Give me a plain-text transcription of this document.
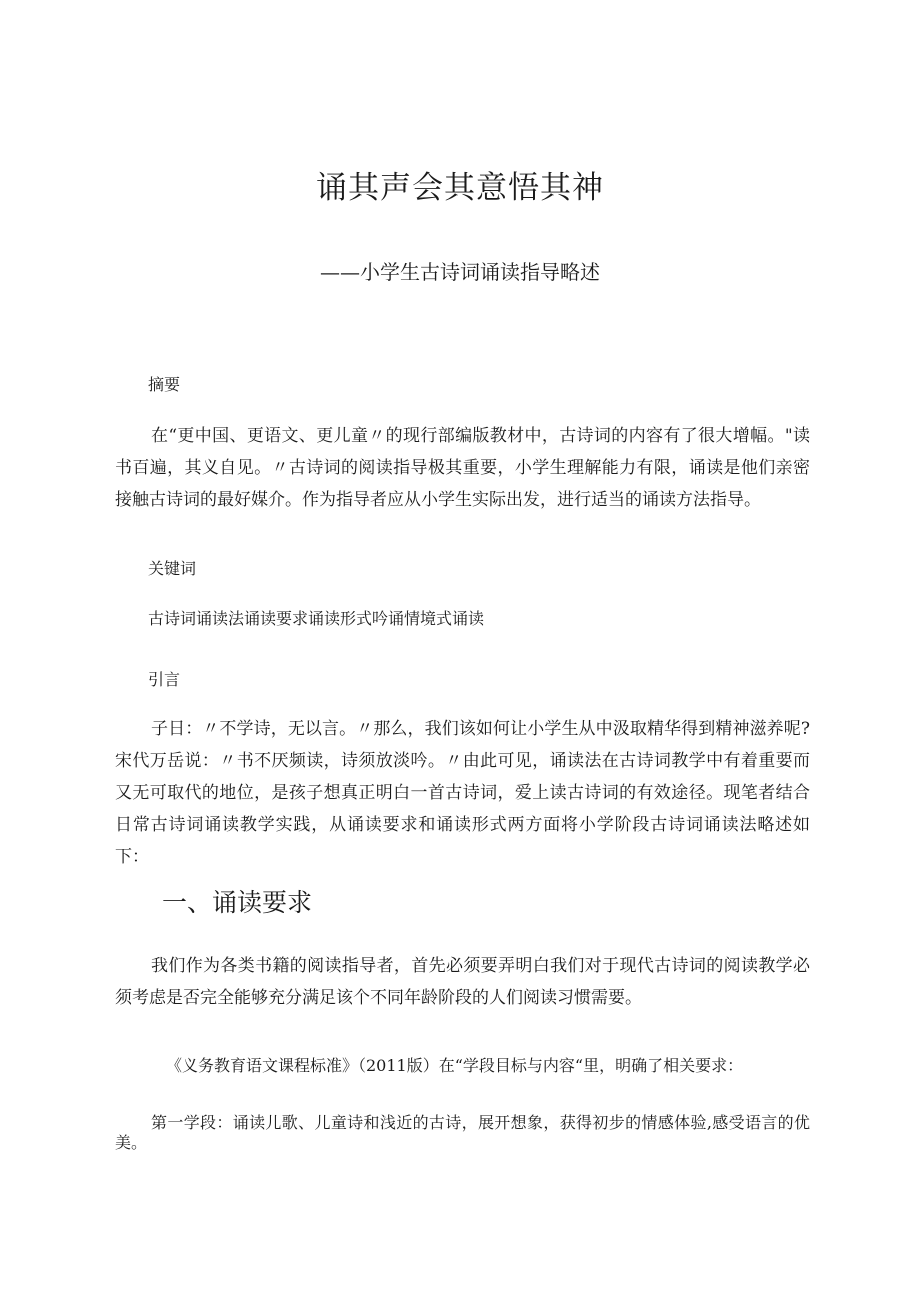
诵其声会其意悟其神
——小学生古诗词诵读指导略述
摘要
在“更中国、更语文、更儿童〃的现行部编版教材中，古诗词的内容有了很大增幅。"读书百遍，其义自见。〃古诗词的阅读指导极其重要，小学生理解能力有限，诵读是他们亲密接触古诗词的最好媒介。作为指导者应从小学生实际出发，进行适当的诵读方法指导。
关键词
古诗词诵读法诵读要求诵读形式吟诵情境式诵读
引言
子日：〃不学诗，无以言。〃那么，我们该如何让小学生从中汲取精华得到精神滋养呢?宋代万岳说：〃书不厌频读，诗须放淡吟。〃由此可见，诵读法在古诗词教学中有着重要而又无可取代的地位，是孩子想真正明白一首古诗词，爱上读古诗词的有效途径。现笔者结合日常古诗词诵读教学实践，从诵读要求和诵读形式两方面将小学阶段古诗词诵读法略述如下：
一、诵读要求
我们作为各类书籍的阅读指导者，首先必须要弄明白我们对于现代古诗词的阅读教学必须考虑是否完全能够充分满足该个不同年龄阶段的人们阅读习惯需要。
《义务教育语文课程标准》（2011版）在“学段目标与内容“里，明确了相关要求：
第一学段：诵读儿歌、儿童诗和浅近的古诗，展开想象，获得初步的情感体验,感受语言的优美。
